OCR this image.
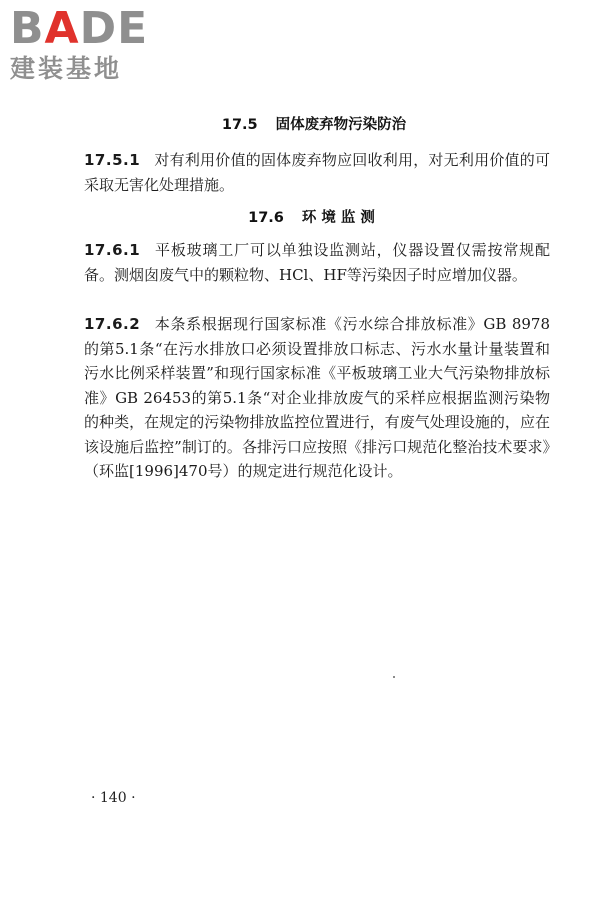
BADE
建装基地
17.5 固体废弃物污染防治

17.5.1 对有利用价值的固体废弃物应回收利用，对无利用价值的可采取无害化处理措施。

17.6 环境监测

17.6.1 平板玻璃工厂可以单独设监测站，仪器设置仅需按常规配备。测烟囱废气中的颗粒物、HCl、HF等污染因子时应增加仪器。

17.6.2 本条系根据现行国家标准《污水综合排放标准》GB 8978的第5.1条“在污水排放口必须设置排放口标志、污水水量计量装置和污水比例采样装置”和现行国家标准《平板玻璃工业大气污染物排放标准》GB 26453的第5.1条“对企业排放废气的采样应根据监测污染物的种类，在规定的污染物排放监控位置进行，有废气处理设施的，应在该设施后监控”制订的。各排污口应按照《排污口规范化整治技术要求》（环监[1996]470号）的规定进行规范化设计。

· 140 ·
